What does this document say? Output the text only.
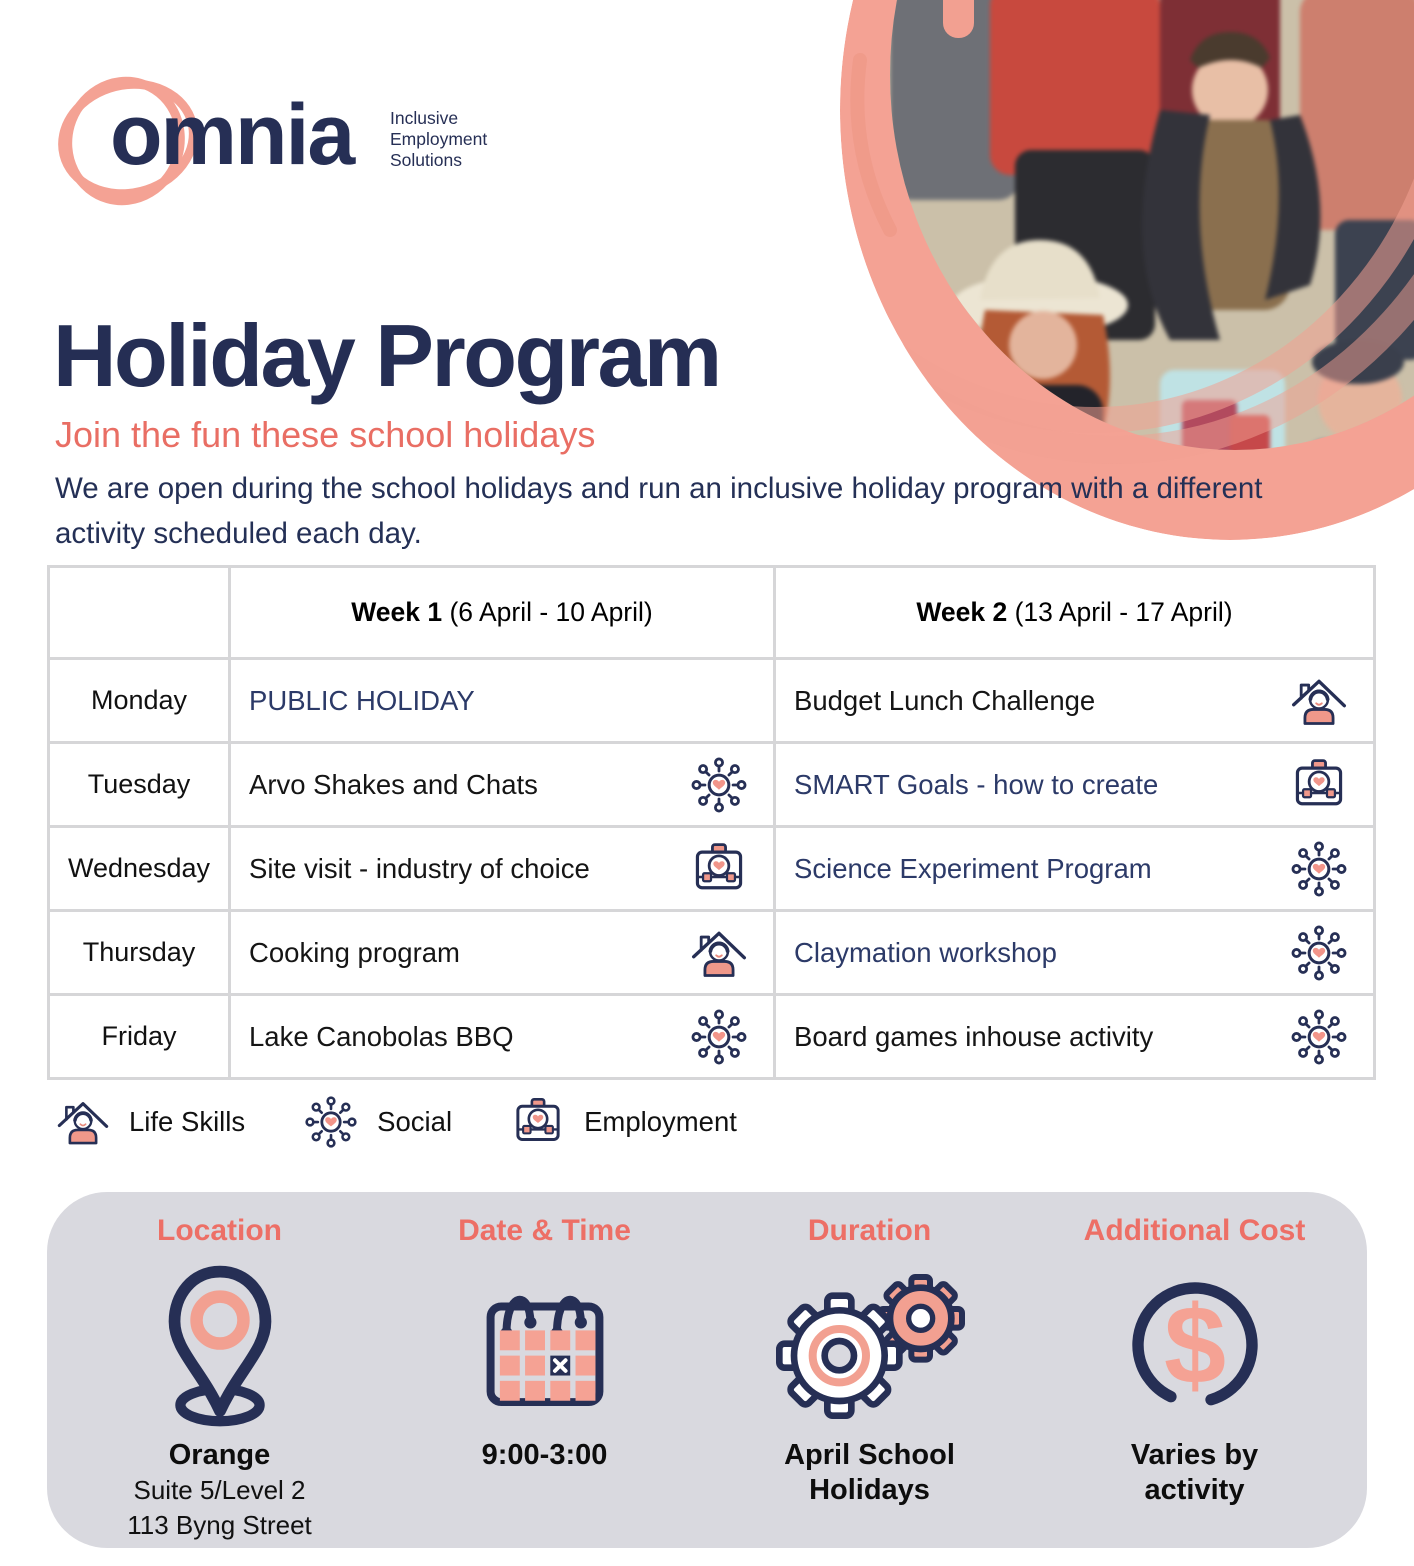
omnia Inclusive
Employment
Solutions
Holiday Program
Join the fun these school holidays

We are open during the school holidays and run an inclusive holiday program with a different
activity scheduled each day.

	Week 1 (6 April - 10 April)	Week 2 (13 April - 17 April)
Monday	PUBLIC HOLIDAY	Budget Lunch Challenge

Tuesday	Arvo Shakes and Chats	SMART Goals - how to create

Wednesday	Site visit - industry of choice	Science Experiment Program

Thursday	Cooking program	Claymation workshop

Friday	Lake Canobolas BBQ	Board games inhouse activity
Life Skills	Social	Employment
Location
Orange
Suite 5/Level 2
113 Byng Street
Date & Time
9:00-3:00
Duration
April School Holidays
Additional Cost
Varies by activity
